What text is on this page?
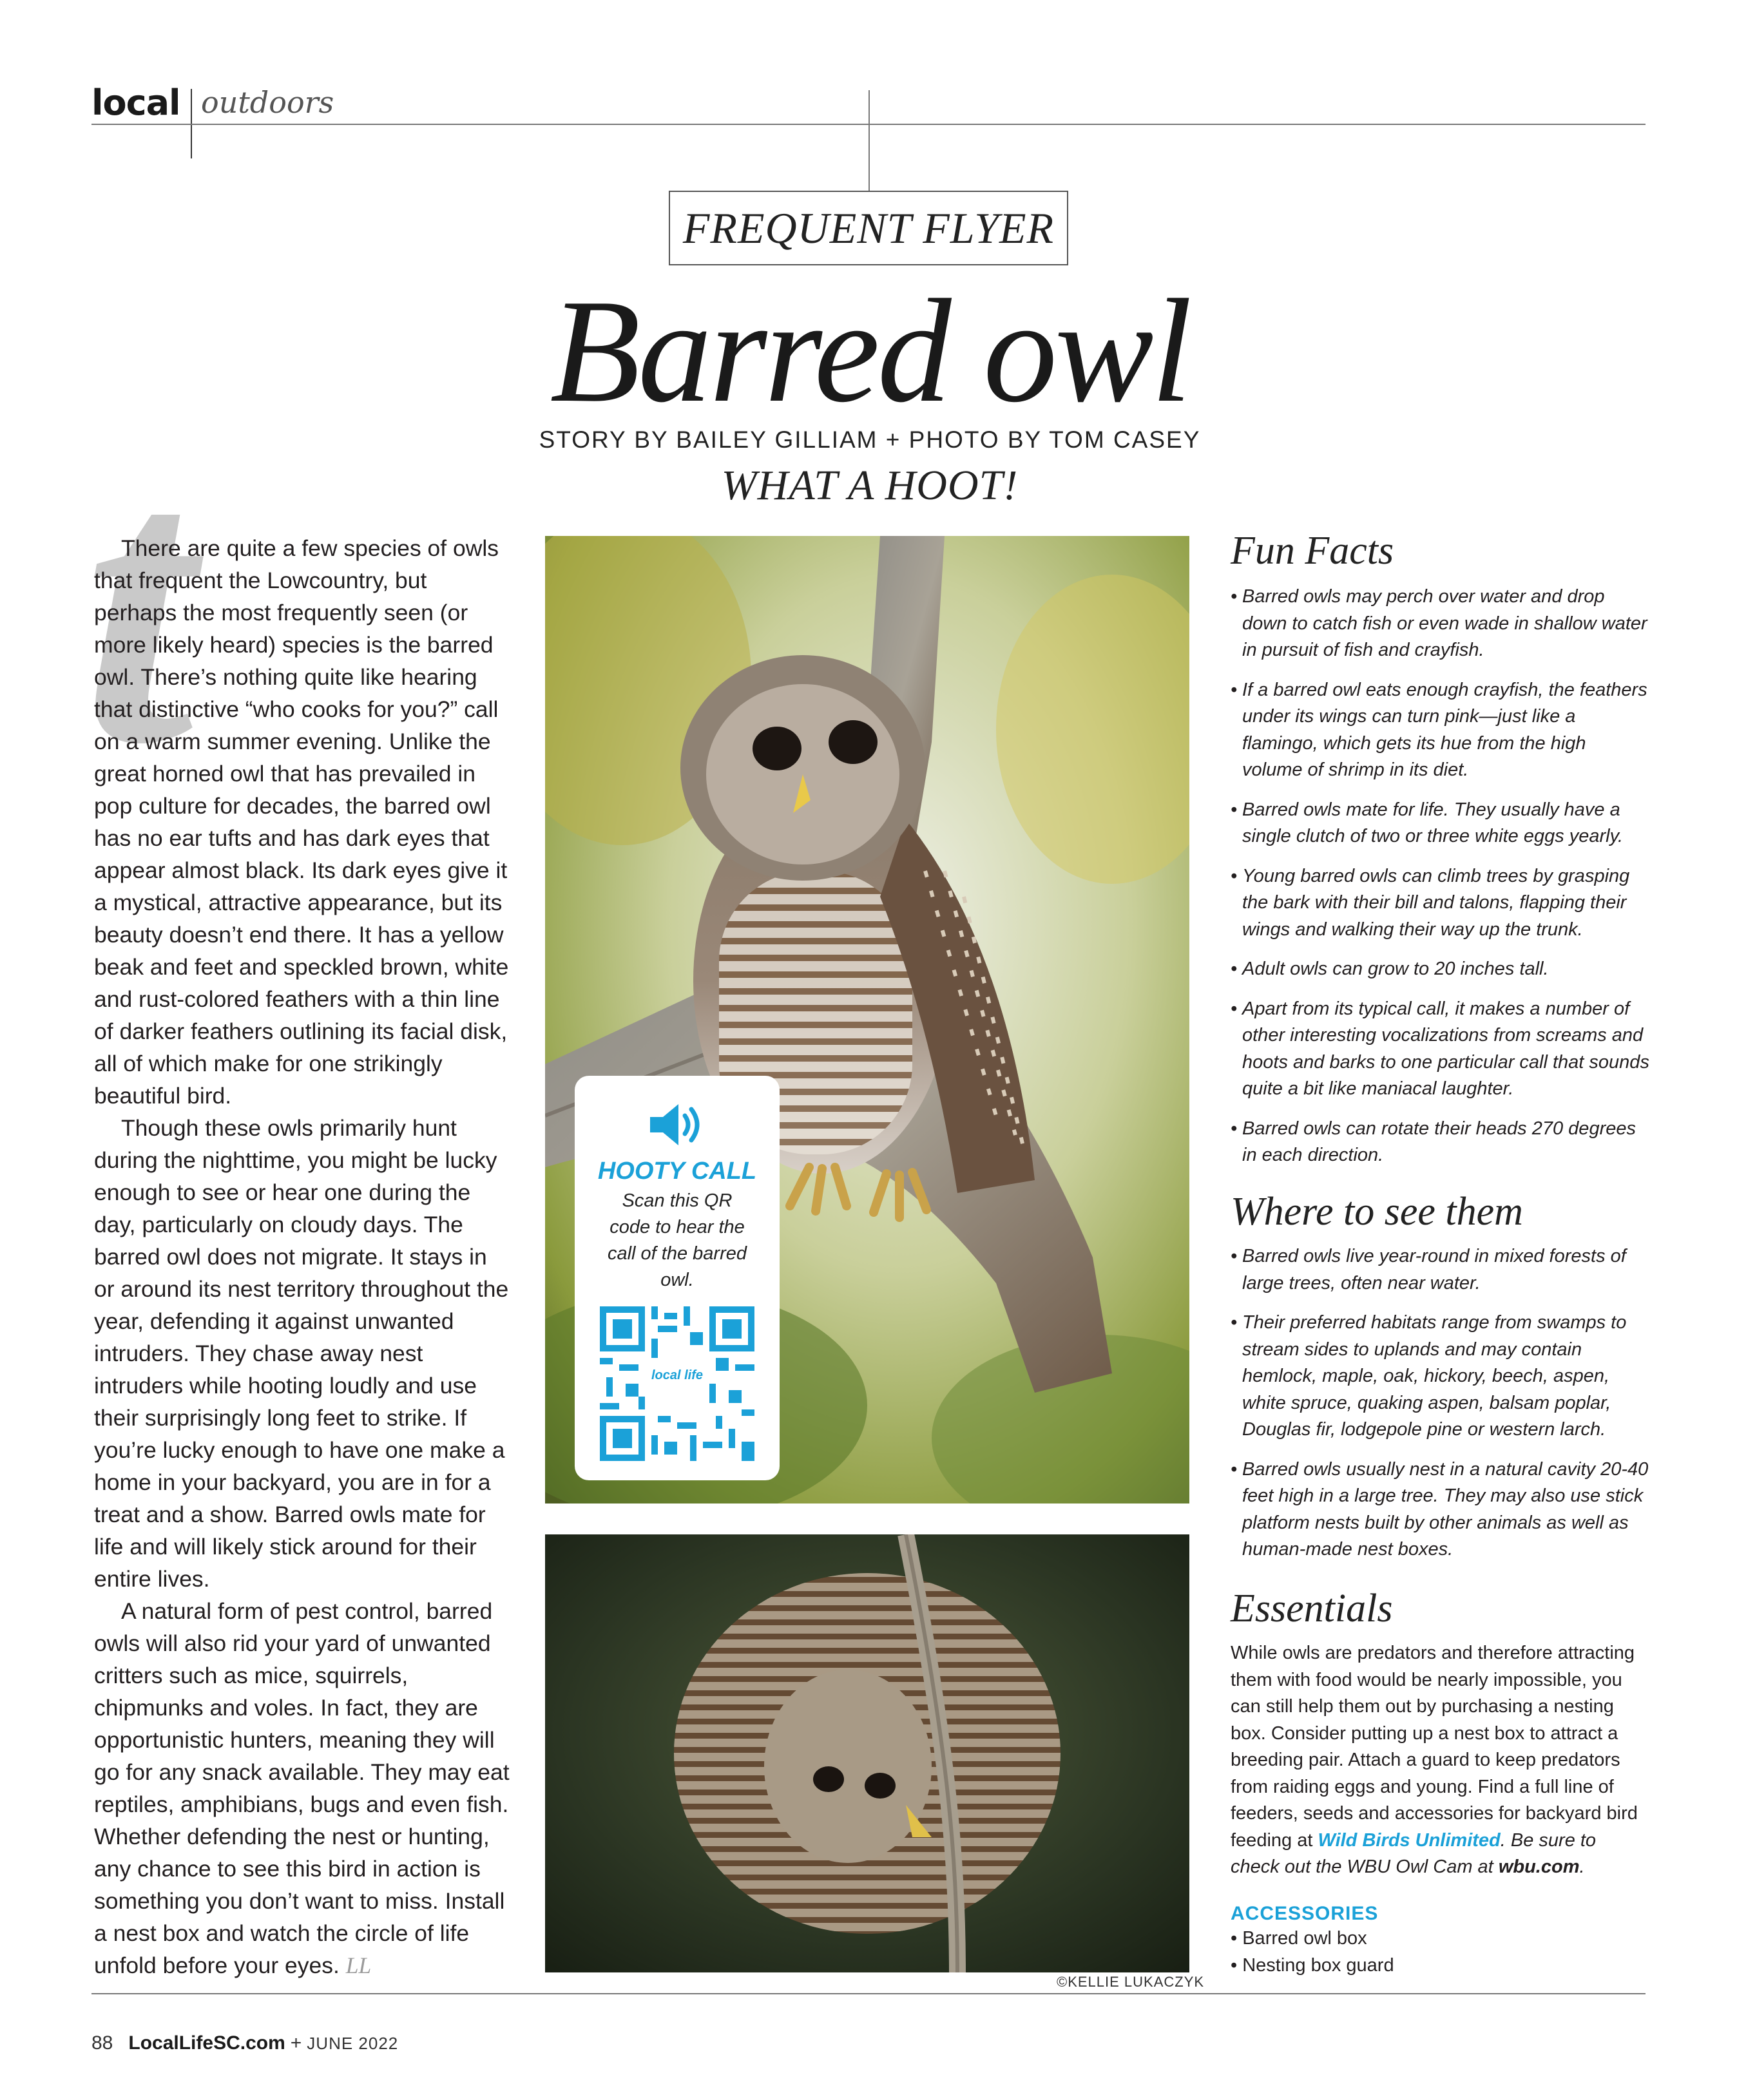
local outdoors
FREQUENT FLYER
Barred owl
STORY BY BAILEY GILLIAM + PHOTO BY TOM CASEY
WHAT A HOOT!
t

There are quite a few species of owls that frequent the Lowcountry, but perhaps the most frequently seen (or more likely heard) species is the barred owl. There’s nothing quite like hearing that distinctive “who cooks for you?” call on a warm summer evening. Unlike the great horned owl that has prevailed in pop culture for decades, the barred owl has no ear tufts and has dark eyes that appear almost black. Its dark eyes give it a mystical, attractive appearance, but its beauty doesn’t end there. It has a yellow beak and feet and speckled brown, white and rust-colored feathers with a thin line of darker feathers outlining its facial disk, all of which make for one strikingly beautiful bird.

Though these owls primarily hunt during the nighttime, you might be lucky enough to see or hear one during the day, particularly on cloudy days. The barred owl does not migrate. It stays in or around its nest territory throughout the year, defending it against unwanted intruders. They chase away nest intruders while hooting loudly and use their surprisingly long feet to strike. If you’re lucky enough to have one make a home in your backyard, you are in for a treat and a show. Barred owls mate for life and will likely stick around for their entire lives.

A natural form of pest control, barred owls will also rid your yard of unwanted critters such as mice, squirrels, chipmunks and voles. In fact, they are opportunistic hunters, meaning they will go for any snack available. They may eat reptiles, amphibians, bugs and even fish. Whether defending the nest or hunting, any chance to see this bird in action is something you don’t want to miss. Install a nest box and watch the circle of life unfold before your eyes. LL

HOOTY CALL
Scan this QR code to hear the call of the barred owl.
local life
©KELLIE LUKACZYK
Fun Facts
• Barred owls may perch over water and drop down to catch fish or even wade in shallow water in pursuit of fish and crayfish.
• If a barred owl eats enough crayfish, the feathers under its wings can turn pink—just like a flamingo, which gets its hue from the high volume of shrimp in its diet.
• Barred owls mate for life. They usually have a single clutch of two or three white eggs yearly.
• Young barred owls can climb trees by grasping the bark with their bill and talons, flapping their wings and walking their way up the trunk.
• Adult owls can grow to 20 inches tall.
• Apart from its typical call, it makes a number of other interesting vocalizations from screams and hoots and barks to one particular call that sounds quite a bit like maniacal laughter.
• Barred owls can rotate their heads 270 degrees in each direction.
Where to see them
• Barred owls live year-round in mixed forests of large trees, often near water.
• Their preferred habitats range from swamps to stream sides to uplands and may contain hemlock, maple, oak, hickory, beech, aspen, white spruce, quaking aspen, balsam poplar, Douglas fir, lodgepole pine or western larch.
• Barred owls usually nest in a natural cavity 20-40 feet high in a large tree. They may also use stick platform nests built by other animals as well as human-made nest boxes.
Essentials
While owls are predators and therefore attracting them with food would be nearly impossible, you can still help them out by purchasing a nesting box. Consider putting up a nest box to attract a breeding pair. Attach a guard to keep predators from raiding eggs and young. Find a full line of feeders, seeds and accessories for backyard bird feeding at Wild Birds Unlimited. Be sure to check out the WBU Owl Cam at wbu.com.
ACCESSORIES
• Barred owl box
• Nesting box guard
88 LocalLifeSC.com + JUNE 2022
